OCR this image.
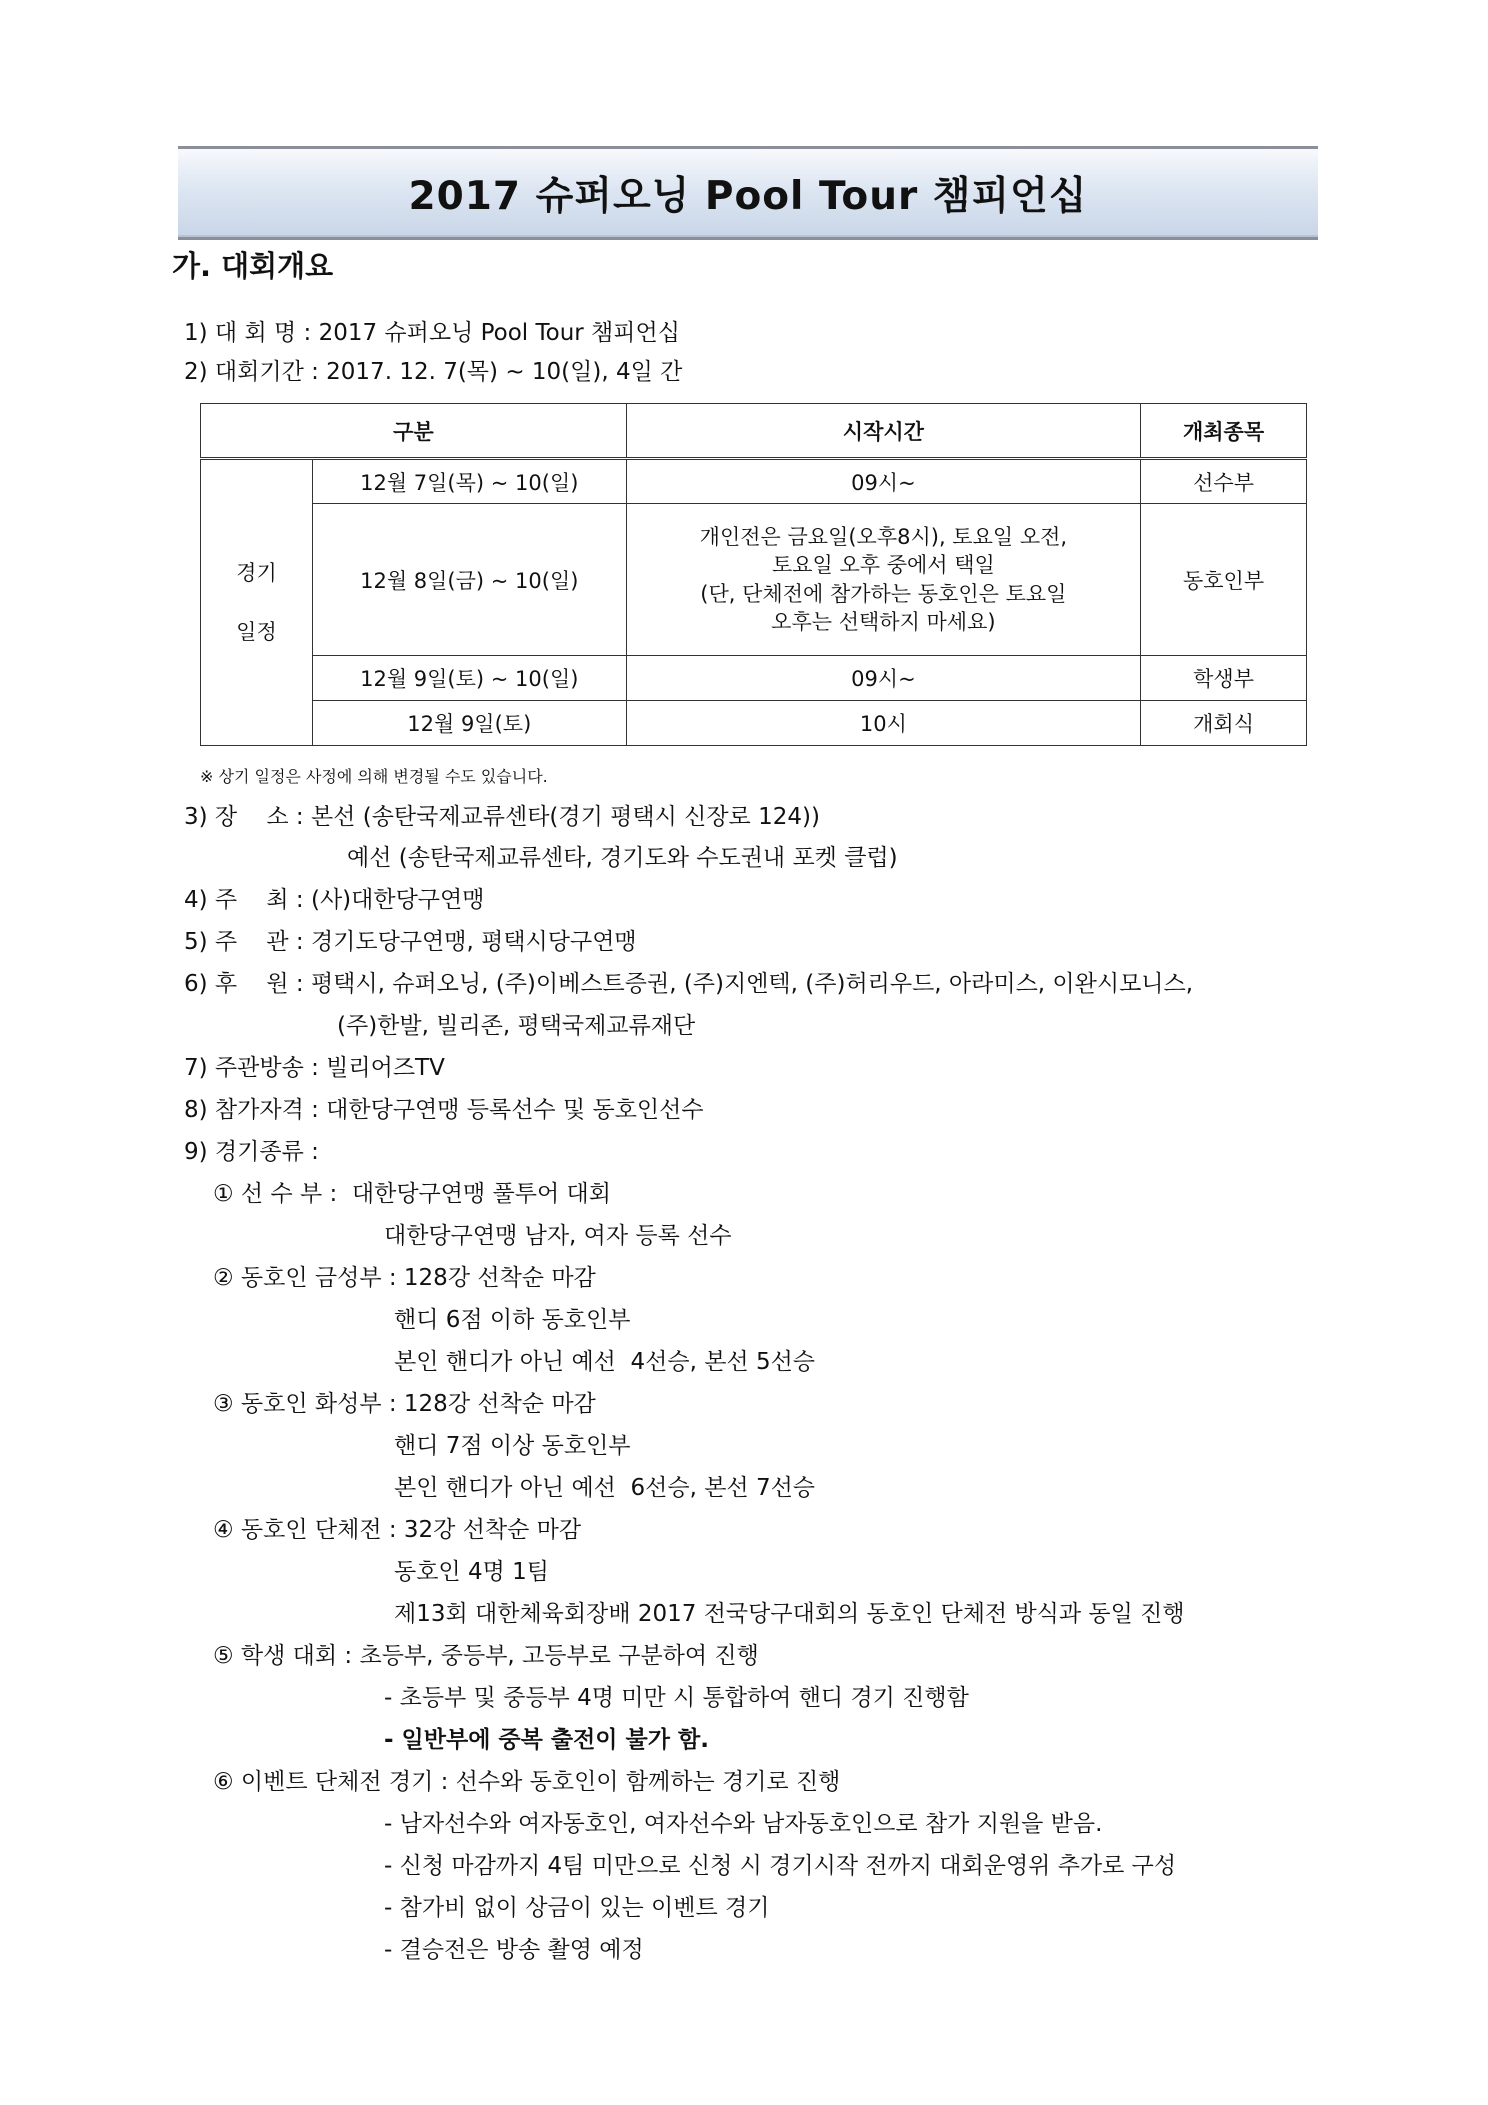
2017 슈퍼오닝 Pool Tour 챔피언십
가. 대회개요
1) 대 회 명 : 2017 슈퍼오닝 Pool Tour 챔피언십
2) 대회기간 : 2017. 12. 7(목) ~ 10(일), 4일 간
구분		시작시간	개최종목
경기
일정	12월 7일(목) ~ 10(일)	09시~	선수부
	12월 8일(금) ~ 10(일)	개인전은 금요일(오후8시), 토요일 오전,
토요일 오후 중에서 택일
(단, 단체전에 참가하는 동호인은 토요일
오후는 선택하지 마세요)	동호인부
	12월 9일(토) ~ 10(일)	09시~	학생부
	12월 9일(토)	10시	개회식
※ 상기 일정은 사정에 의해 변경될 수도 있습니다.
3) 장    소 : 본선 (송탄국제교류센타(경기 평택시 신장로 124))
예선 (송탄국제교류센타, 경기도와 수도권내 포켓 클럽)
4) 주    최 : (사)대한당구연맹
5) 주    관 : 경기도당구연맹, 평택시당구연맹
6) 후    원 : 평택시, 슈퍼오닝, (주)이베스트증권, (주)지엔텍, (주)허리우드, 아라미스, 이완시모니스,
(주)한발, 빌리존, 평택국제교류재단
7) 주관방송 : 빌리어즈TV
8) 참가자격 : 대한당구연맹 등록선수 및 동호인선수
9) 경기종류 :
① 선 수 부 :  대한당구연맹 풀투어 대회
대한당구연맹 남자, 여자 등록 선수
② 동호인 금성부 : 128강 선착순 마감
핸디 6점 이하 동호인부
본인 핸디가 아닌 예선  4선승, 본선 5선승
③ 동호인 화성부 : 128강 선착순 마감
핸디 7점 이상 동호인부
본인 핸디가 아닌 예선  6선승, 본선 7선승
④ 동호인 단체전 : 32강 선착순 마감
동호인 4명 1팀
제13회 대한체육회장배 2017 전국당구대회의 동호인 단체전 방식과 동일 진행
⑤ 학생 대회 : 초등부, 중등부, 고등부로 구분하여 진행
- 초등부 및 중등부 4명 미만 시 통합하여 핸디 경기 진행함
- 일반부에 중복 출전이 불가 함.
⑥ 이벤트 단체전 경기 : 선수와 동호인이 함께하는 경기로 진행
- 남자선수와 여자동호인, 여자선수와 남자동호인으로 참가 지원을 받음.
- 신청 마감까지 4팀 미만으로 신청 시 경기시작 전까지 대회운영위 추가로 구성
- 참가비 없이 상금이 있는 이벤트 경기
- 결승전은 방송 촬영 예정
